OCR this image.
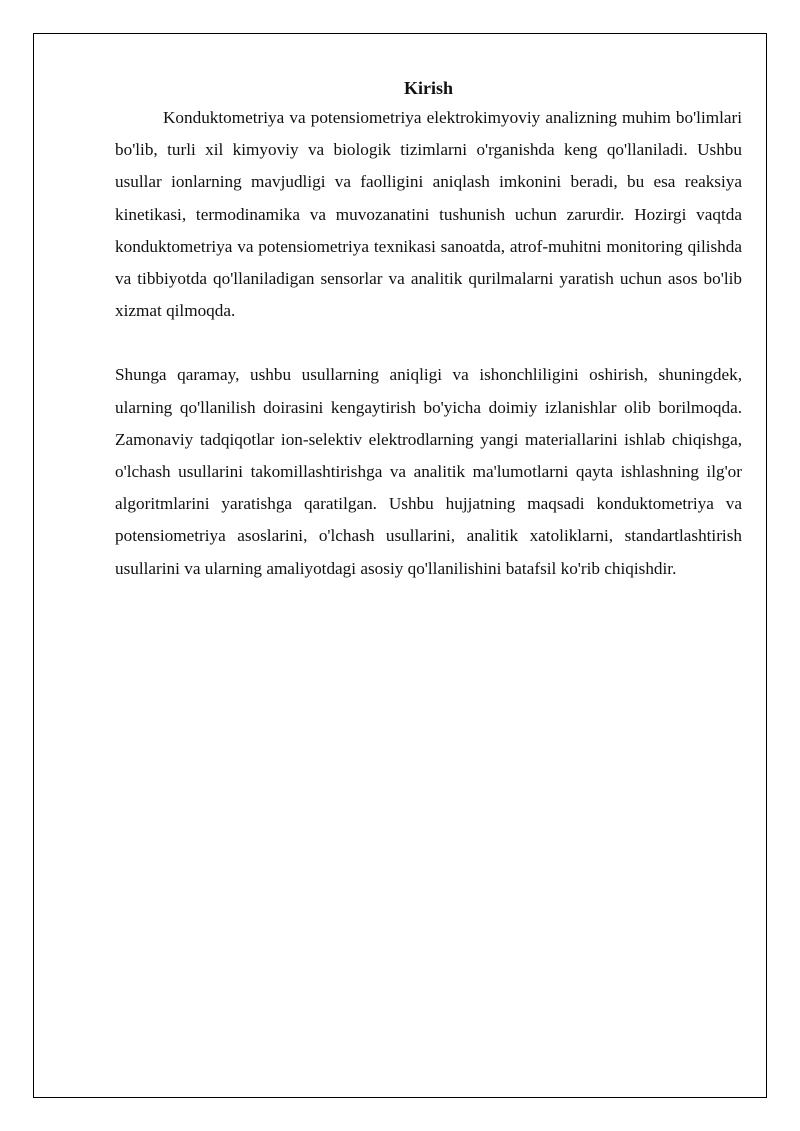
Kirish

Konduktometriya va potensiometriya elektrokimyoviy analizning muhim bo'limlari bo'lib, turli xil kimyoviy va biologik tizimlarni o'rganishda keng qo'llaniladi. Ushbu usullar ionlarning mavjudligi va faolligini aniqlash imkonini beradi, bu esa reaksiya kinetikasi, termodinamika va muvozanatini tushunish uchun zarurdir. Hozirgi vaqtda konduktometriya va potensiometriya texnikasi sanoatda, atrof-muhitni monitoring qilishda va tibbiyotda qo'llaniladigan sensorlar va analitik qurilmalarni yaratish uchun asos bo'lib xizmat qilmoqda.

Shunga qaramay, ushbu usullarning aniqligi va ishonchliligini oshirish, shuningdek, ularning qo'llanilish doirasini kengaytirish bo'yicha doimiy izlanishlar olib borilmoqda. Zamonaviy tadqiqotlar ion-selektiv elektrodlarning yangi materiallarini ishlab chiqishga, o'lchash usullarini takomillashtirishga va analitik ma'lumotlarni qayta ishlashning ilg'or algoritmlarini yaratishga qaratilgan. Ushbu hujjatning maqsadi konduktometriya va potensiometriya asoslarini, o'lchash usullarini, analitik xatoliklarni, standartlashtirish usullarini va ularning amaliyotdagi asosiy qo'llanilishini batafsil ko'rib chiqishdir.
